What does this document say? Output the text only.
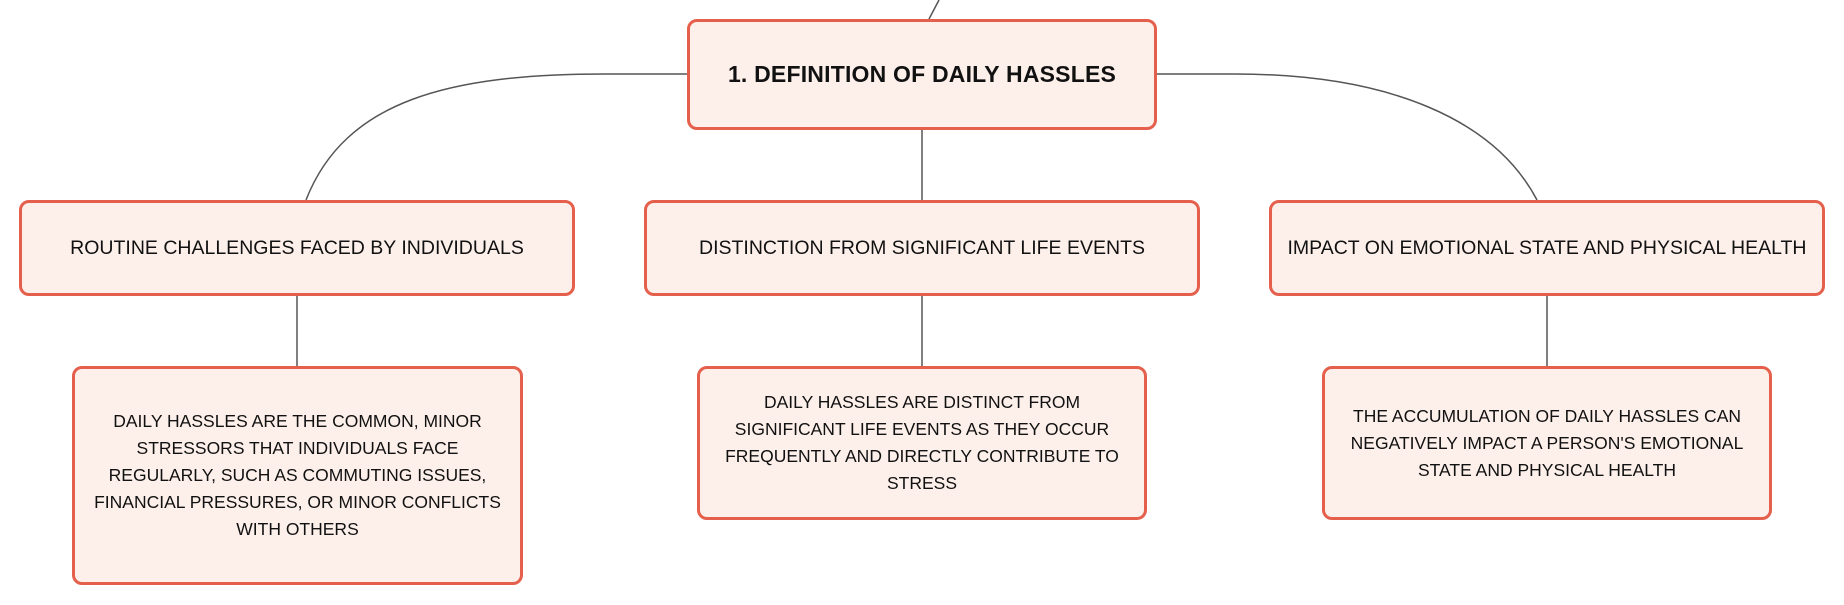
1. DEFINITION OF DAILY HASSLES
ROUTINE CHALLENGES FACED BY INDIVIDUALS	DISTINCTION FROM SIGNIFICANT LIFE EVENTS	IMPACT ON EMOTIONAL STATE AND PHYSICAL HEALTH
DAILY HASSLES ARE THE COMMON, MINOR STRESSORS THAT INDIVIDUALS FACE REGULARLY, SUCH AS COMMUTING ISSUES, FINANCIAL PRESSURES, OR MINOR CONFLICTS WITH OTHERS
DAILY HASSLES ARE DISTINCT FROM SIGNIFICANT LIFE EVENTS AS THEY OCCUR FREQUENTLY AND DIRECTLY CONTRIBUTE TO STRESS
THE ACCUMULATION OF DAILY HASSLES CAN NEGATIVELY IMPACT A PERSON'S EMOTIONAL STATE AND PHYSICAL HEALTH
